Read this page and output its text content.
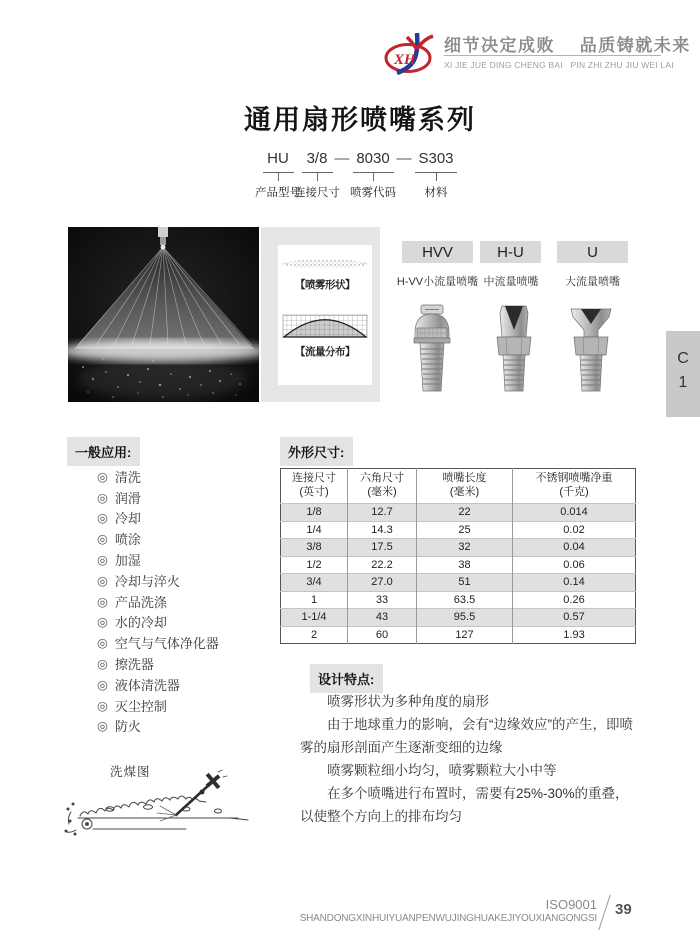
XH
细节决定成败　 品质铸就未来
XI JIE JUE DING CHENG BAI   PIN ZHI ZHU JIU WEI LAI
通用扇形喷嘴系列
HU	3/8 — 8030 — S303
产品型号
连接尺寸 喷雾代码	材料
【喷雾形状】
【流量分布】
HVV	H-U	U
H-VV小流量喷嘴 中流量喷嘴	大流量喷嘴
C
1
一般应用:
◎ 清洗
◎ 润滑
◎ 冷却
◎ 喷涂
◎ 加湿
◎ 冷却与淬火
◎ 产品洗涤
◎ 水的冷却
◎ 空气与气体净化器
◎ 擦洗器
◎ 液体清洗器
◎ 灭尘控制
◎ 防火
外形尺寸:
连接尺寸
(英寸)

六角尺寸
(毫米)

喷嘴长度
(毫米)

不锈钢喷嘴净重
(千克)

1/8	12.7	22	0.014
1/4	14.3	25	0.02
3/8	17.5	32	0.04
1/2	22.2	38	0.06
3/4	27.0	51	0.14
1	33	63.5	0.26
1-1/4	43	95.5	0.57
2	60	127	1.93
设计特点:

喷雾形状为多种角度的扇形

由于地球重力的影响，会有“边缘效应”的产生，即喷雾的扇形剖面产生逐渐变细的边缘

喷雾颗粒细小均匀，喷雾颗粒大小中等

在多个喷嘴进行布置时，需要有25%-30%的重叠，以使整个方向上的排布均匀

洗煤图
ISO9001
SHANDONGXINHUIYUANPENWUJINGHUAKEJIYOUXIANGONGSI
39
